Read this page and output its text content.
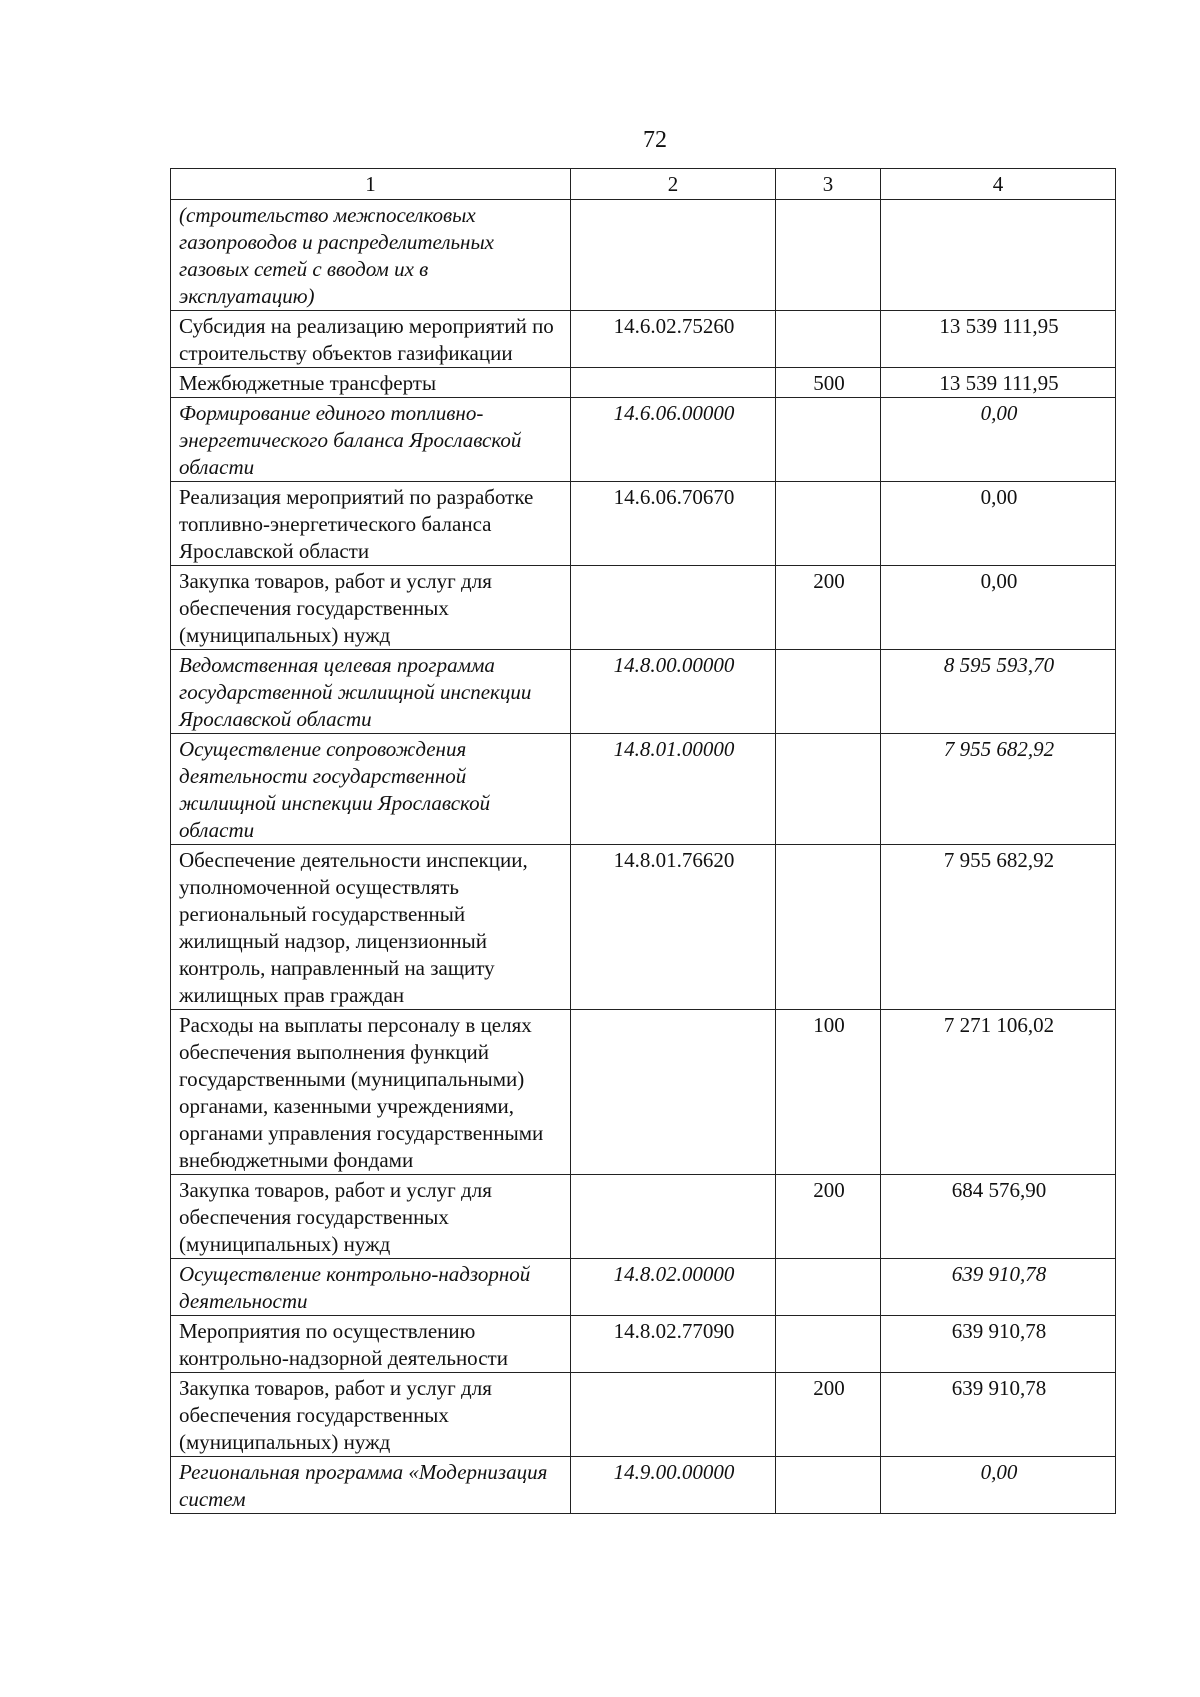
72
1	2	3	4
(строительство межпоселковых газопроводов и распределительных газовых сетей с вводом их в эксплуатацию)			
Субсидия на реализацию мероприятий по строительству объектов газификации	14.6.02.75260		13 539 111,95
Межбюджетные трансферты		500	13 539 111,95
Формирование единого топливно-энергетического баланса Ярославской области	14.6.06.00000		0,00
Реализация мероприятий по разработке топливно-энергетического баланса Ярославской области	14.6.06.70670		0,00
Закупка товаров, работ и услуг для обеспечения государственных (муниципальных) нужд		200	0,00
Ведомственная целевая программа государственной жилищной инспекции Ярославской области	14.8.00.00000		8 595 593,70
Осуществление сопровождения деятельности государственной жилищной инспекции Ярославской области	14.8.01.00000		7 955 682,92
Обеспечение деятельности инспекции, уполномоченной осуществлять региональный государственный жилищный надзор, лицензионный контроль, направленный на защиту жилищных прав граждан	14.8.01.76620		7 955 682,92
Расходы на выплаты персоналу в целях обеспечения выполнения функций государственными (муниципальными) органами, казенными учреждениями, органами управления государственными внебюджетными фондами		100	7 271 106,02
Закупка товаров, работ и услуг для обеспечения государственных (муниципальных) нужд		200	684 576,90
Осуществление контрольно-надзорной деятельности	14.8.02.00000		639 910,78
Мероприятия по осуществлению контрольно-надзорной деятельности	14.8.02.77090		639 910,78
Закупка товаров, работ и услуг для обеспечения государственных (муниципальных) нужд		200	639 910,78
Региональная программа «Модернизация систем	14.9.00.00000		0,00
